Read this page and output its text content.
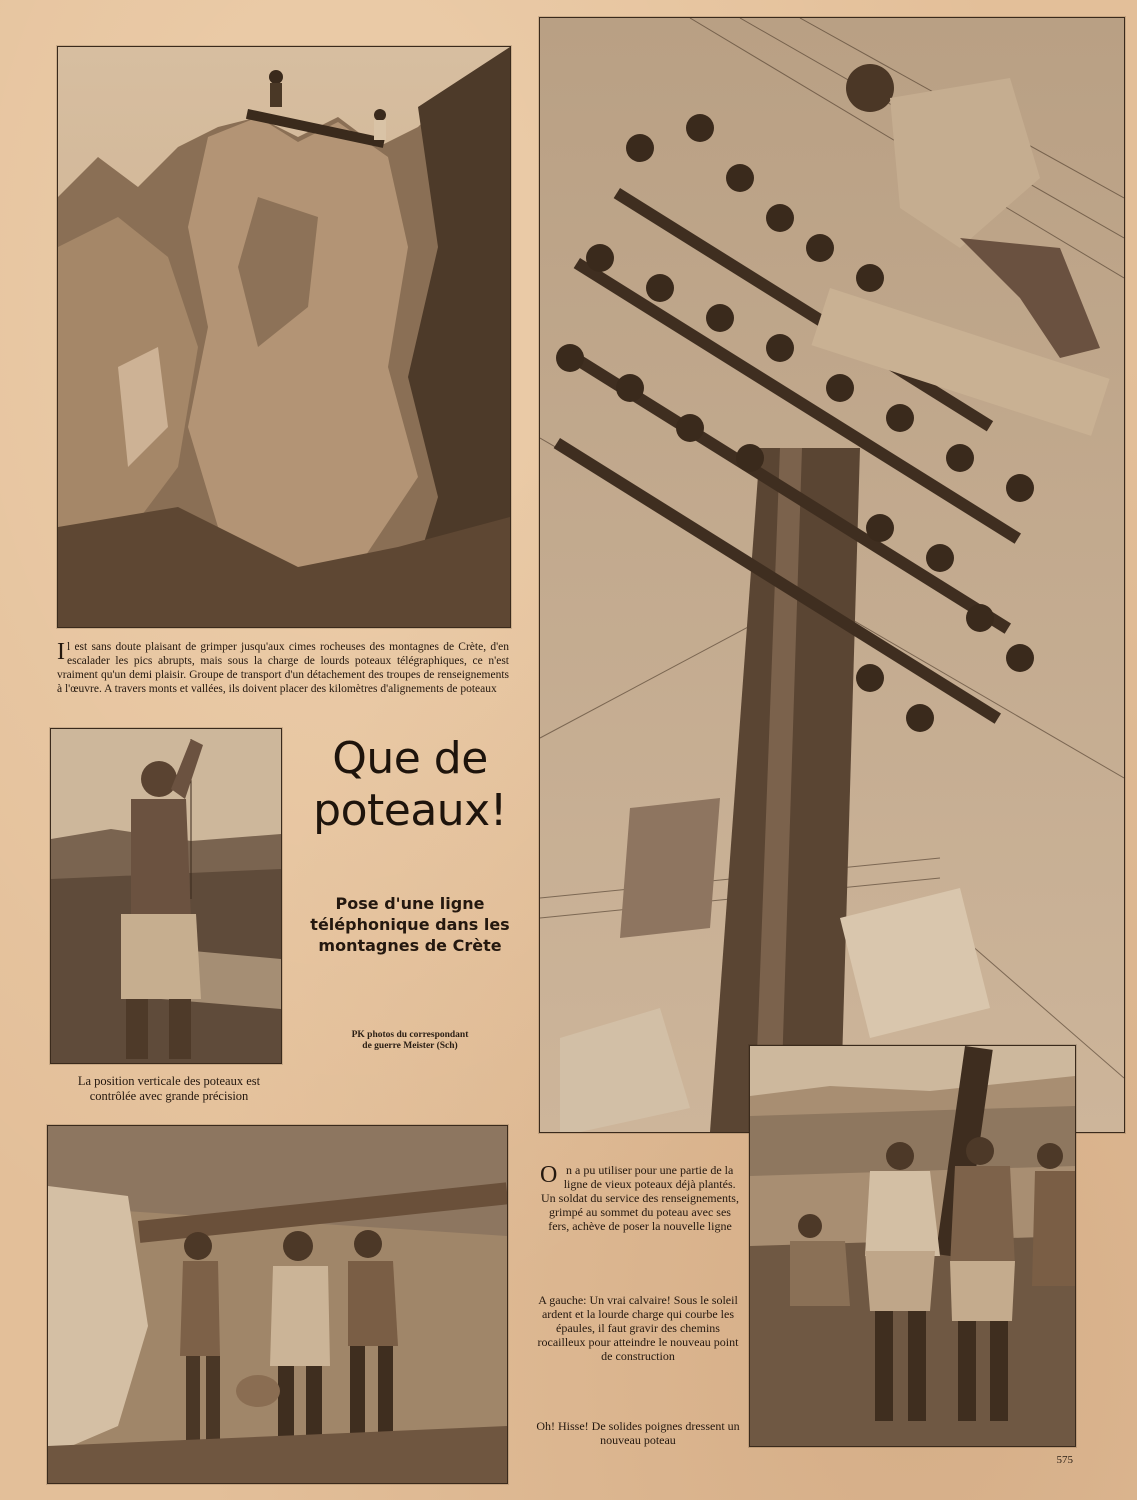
Il est sans doute plaisant de grimper jusqu'aux cimes rocheuses des montagnes de Crète, d'en escalader les pics abrupts, mais sous la charge de lourds poteaux télégraphiques, ce n'est vraiment qu'un demi plaisir. Groupe de transport d'un détachement des troupes de renseignements à l'œuvre. A travers monts et vallées, ils doivent placer des kilomètres d'alignements de poteaux
La position verticale des poteaux est contrôlée avec grande précision
Que de poteaux!
Pose d'une ligne téléphonique dans les montagnes de Crète
PK photos du correspondant
de guerre Meister (Sch)
On a pu utiliser pour une partie de la ligne de vieux poteaux déjà plantés. Un soldat du service des renseignements, grimpé au sommet du poteau avec ses fers, achève de poser la nouvelle ligne
A gauche: Un vrai calvaire! Sous le soleil ardent et la lourde charge qui courbe les épaules, il faut gravir des chemins rocailleux pour atteindre le nouveau point de construction
Oh! Hisse! De solides poignes dressent un nouveau poteau
575
